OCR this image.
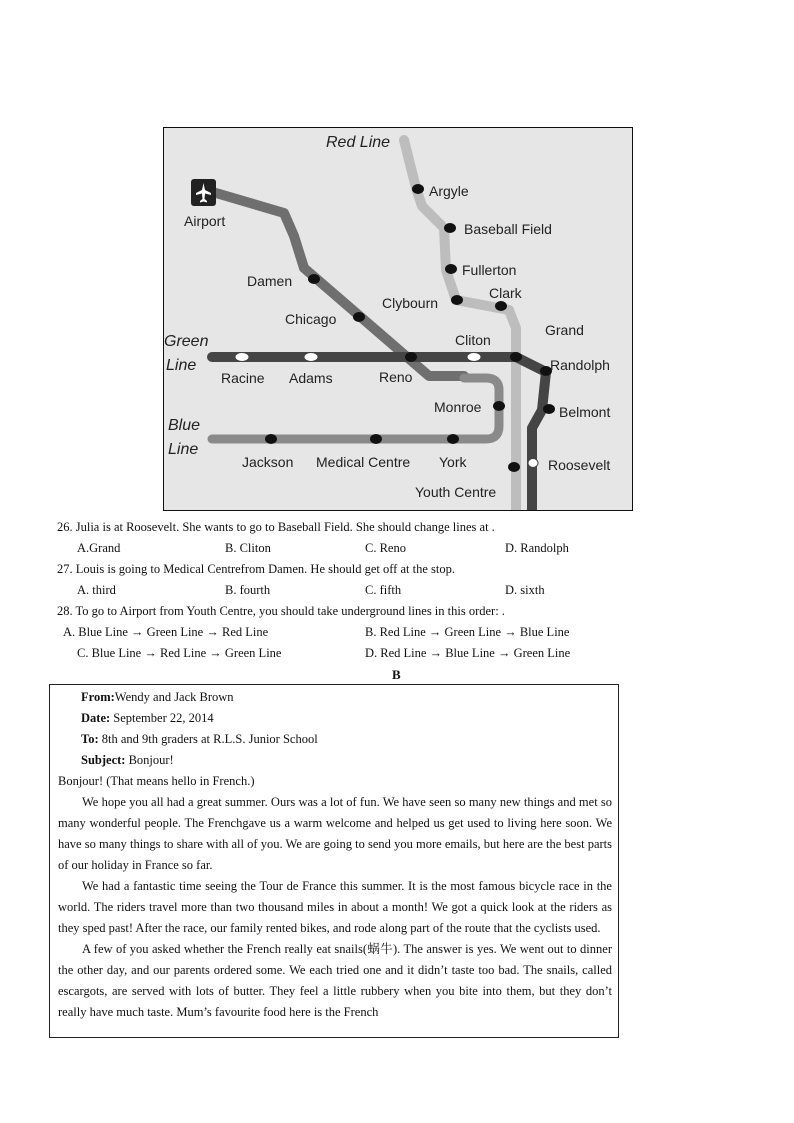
Red Line
Green
Line
Blue
Line
Airport
Argyle
Baseball Field
Fullerton
Clark
Clybourn
Damen
Chicago
Cliton
Grand
Randolph
Racine Adams	Reno
Monroe	Belmont
Jackson Medical Centre York	Roosevelt
Youth Centre
26. Julia is at Roosevelt. She wants to go to Baseball Field. She should change lines at .
A.Grand	B. Cliton	C. Reno	D. Randolph
27. Louis is going to Medical Centrefrom Damen. He should get off at the stop.
A. third	B. fourth	C. fifth	D. sixth
28. To go to Airport from Youth Centre, you should take underground lines in this order: .
A. Blue Line → Green Line → Red Line	B. Red Line → Green Line → Blue Line
C. Blue Line → Red Line → Green Line	D. Red Line → Blue Line → Green Line
B
From:Wendy and Jack Brown
Date: September 22, 2014
To: 8th and 9th graders at R.L.S. Junior School
Subject: Bonjour!

Bonjour! (That means hello in French.)

We hope you all had a great summer. Ours was a lot of fun. We have seen so many new things and met so many wonderful people. The Frenchgave us a warm welcome and helped us get used to living here soon. We have so many things to share with all of you. We are going to send you more emails, but here are the best parts of our holiday in France so far.

We had a fantastic time seeing the Tour de France this summer. It is the most famous bicycle race in the world. The riders travel more than two thousand miles in about a month! We got a quick look at the riders as they sped past! After the race, our family rented bikes, and rode along part of the route that the cyclists used.

A few of you asked whether the French really eat snails(蜗牛). The answer is yes. We went out to dinner the other day, and our parents ordered some. We each tried one and it didn’t taste too bad. The snails, called escargots, are served with lots of butter. They feel a little rubbery when you bite into them, but they don’t really have much taste. Mum’s favourite food here is the French
